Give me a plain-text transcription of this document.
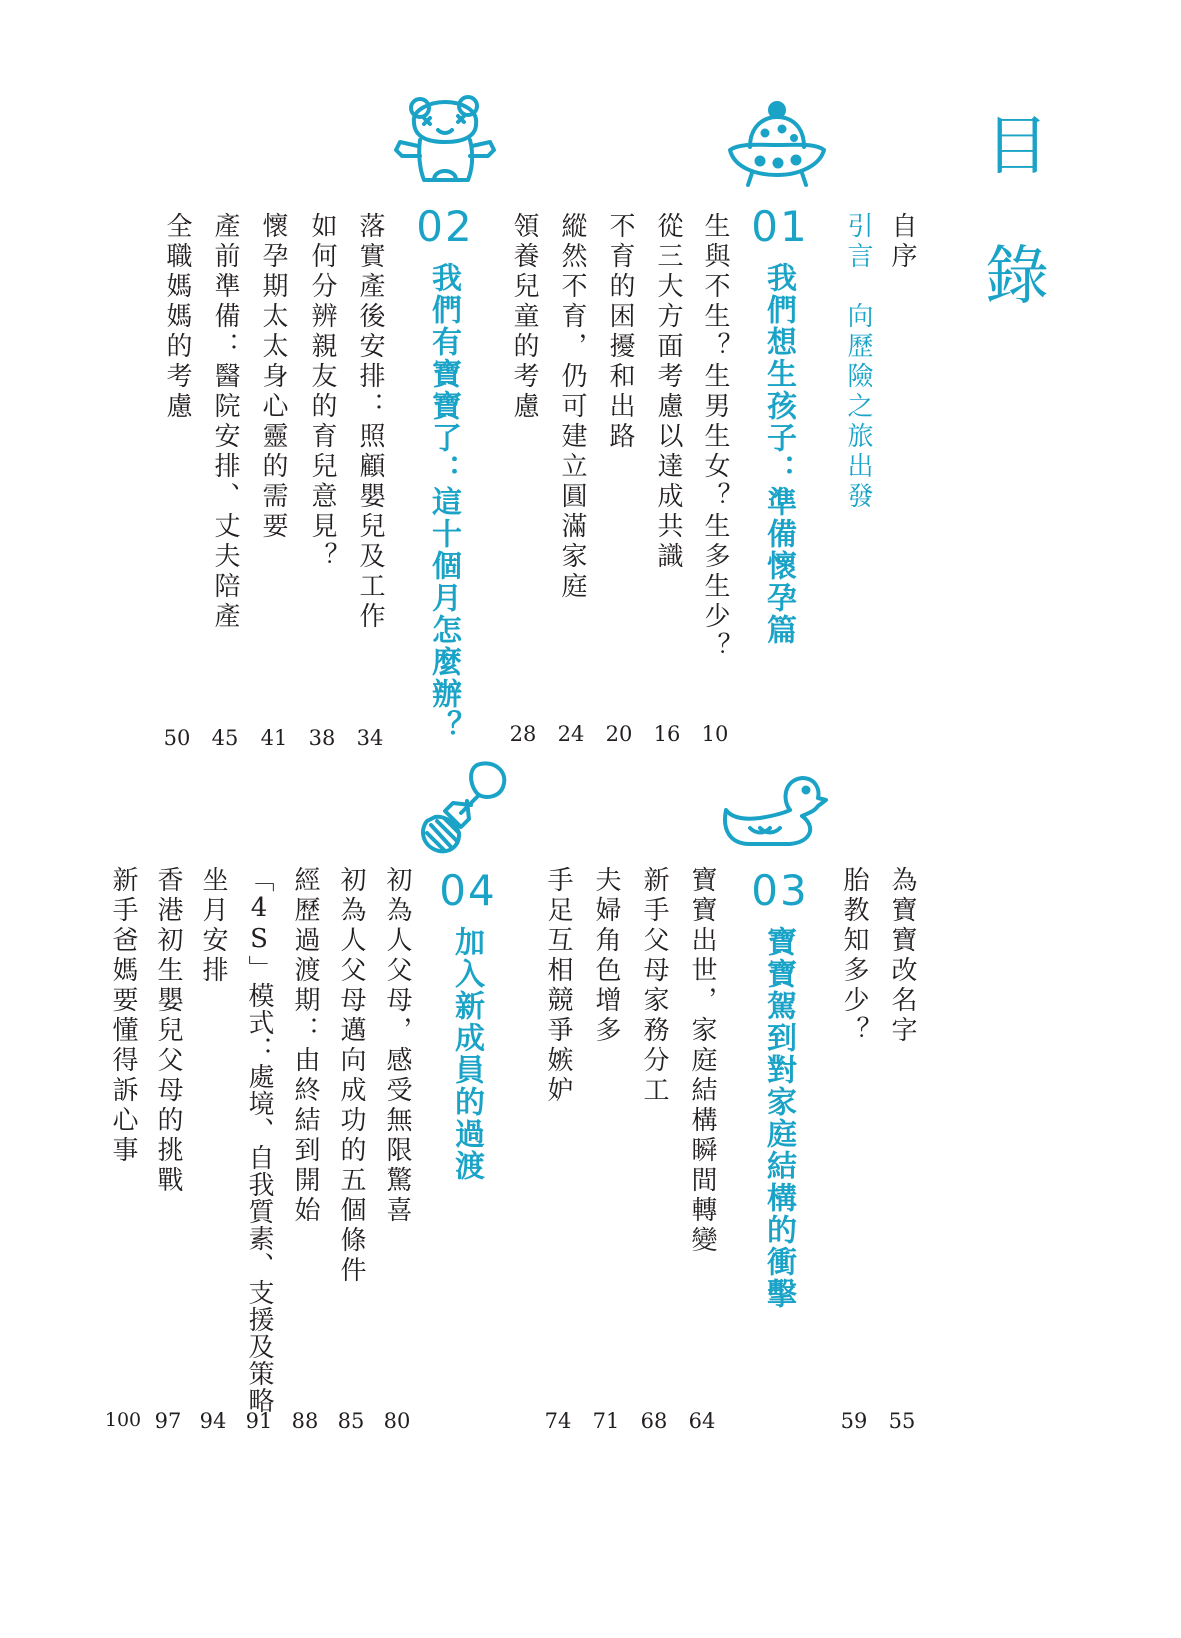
目
錄
自序
引言　向歷險之旅出發
01
我們想生孩子：準備懷孕篇
生與不生？生男生女？生多生少？
從三大方面考慮以達成共識
不育的困擾和出路
縱然不育，仍可建立圓滿家庭
領養兒童的考慮
10
16
20
24
28
02
我們有寶寶了：這十個月怎麼辦？
落實產後安排：照顧嬰兒及工作
如何分辨親友的育兒意見？
懷孕期太太身心靈的需要
產前準備：醫院安排、丈夫陪產
全職媽媽的考慮
34
38
41
45
50
為寶寶改名字
胎教知多少？
03
寶寶駕到對家庭結構的衝擊
寶寶出世，家庭結構瞬間轉變
新手父母家務分工
夫婦角色增多
手足互相競爭嫉妒
55
59
64
68
71
74
04
加入新成員的過渡
初為人父母，感受無限驚喜
初為人父母邁向成功的五個條件
經歷過渡期：由終結到開始
「4S」模式：處境、自我質素、支援及策略
坐月安排
香港初生嬰兒父母的挑戰
新手爸媽要懂得訴心事
80
85
88
91
94
97
100
